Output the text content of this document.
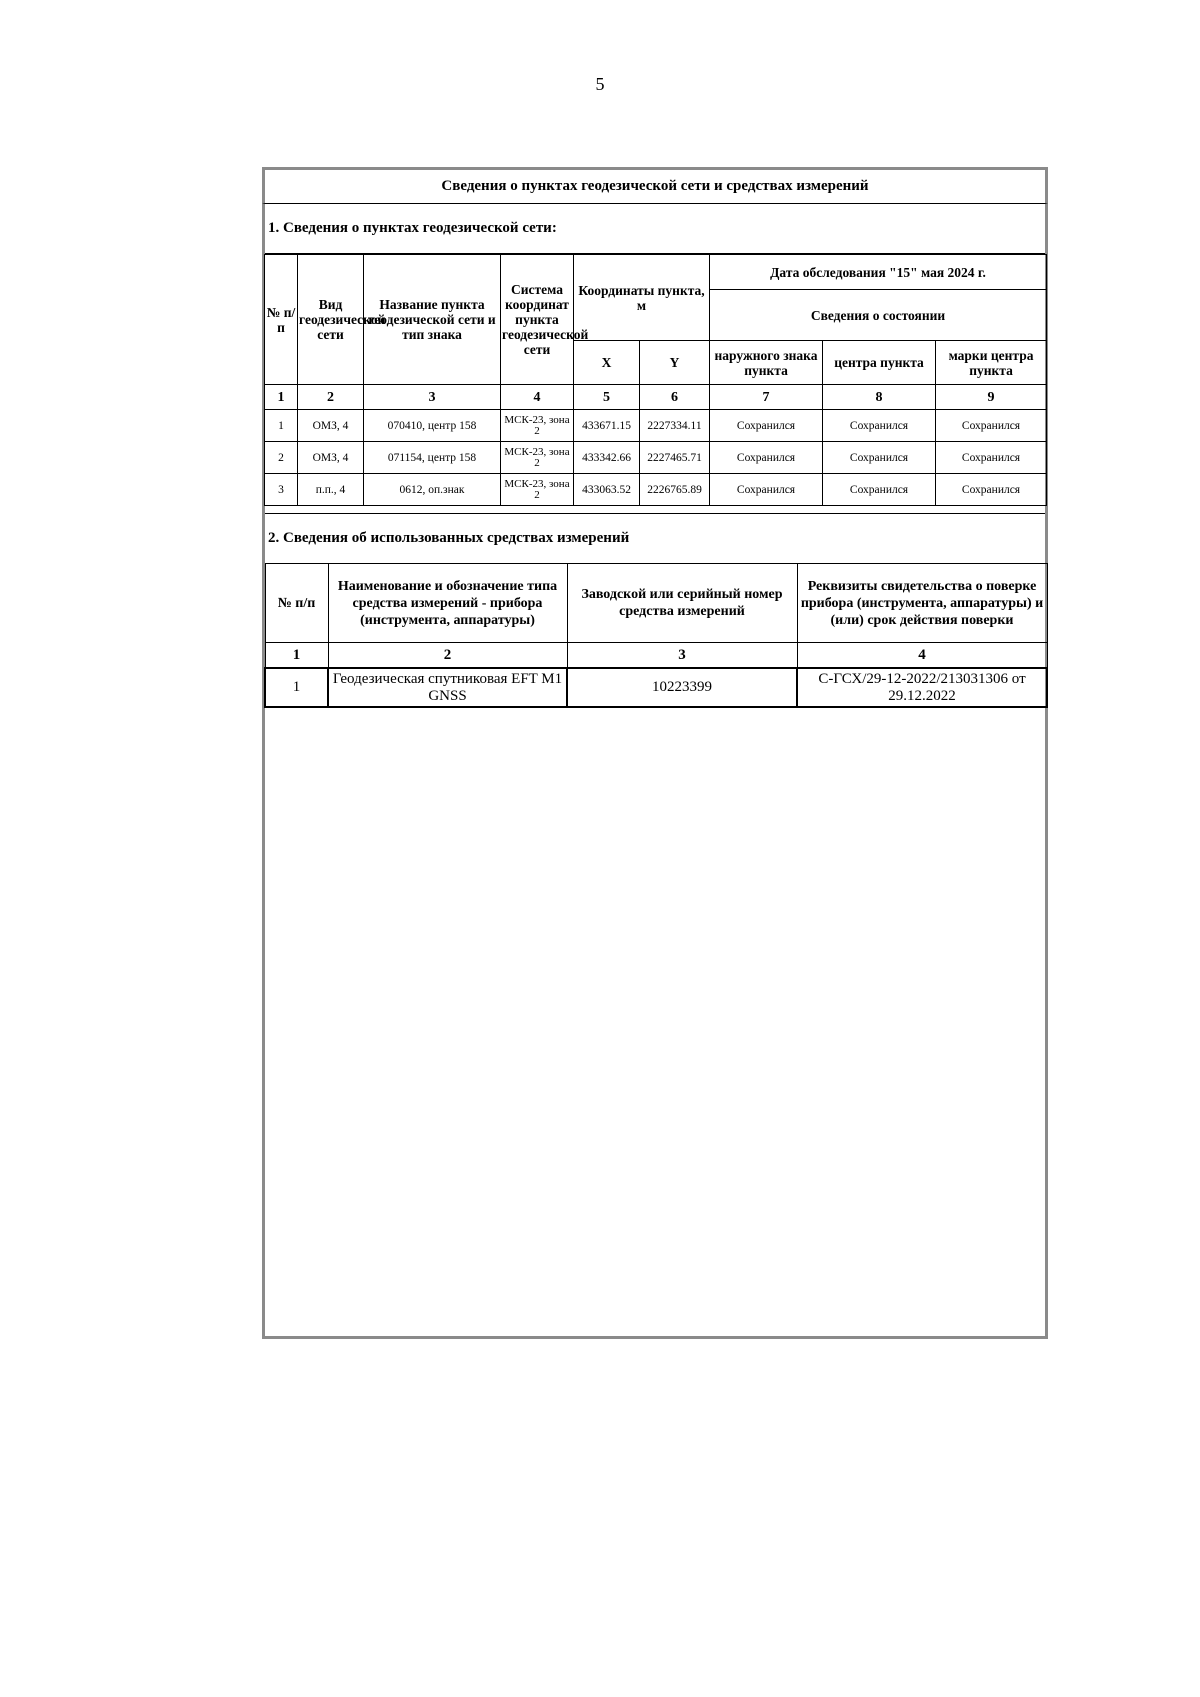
5
Сведения о пунктах геодезической сети и средствах измерений
1. Сведения о пунктах геодезической сети:
№ п/п	Вид геодезической сети	Название пункта геодезической сети и тип знака	Система координат пункта геодезической сети	Координаты пункта, м		Дата обследования "15" мая 2024 г.		
						Сведения о состоянии		
				X	Y	наружного знака пункта	центра пункта	марки центра пункта
1	2	3	4	5	6	7	8	9
1	ОМЗ, 4	070410, центр 158	МСК-23, зона 2	433671.15	2227334.11	Сохранился	Сохранился	Сохранился
2	ОМЗ, 4	071154, центр 158	МСК-23, зона 2	433342.66	2227465.71	Сохранился	Сохранился	Сохранился
3	п.п., 4	0612, оп.знак	МСК-23, зона 2	433063.52	2226765.89	Сохранился	Сохранился	Сохранился
2. Сведения об использованных средствах измерений
№ п/п	Наименование и обозначение типа средства измерений - прибора (инструмента, аппаратуры)	Заводской или серийный номер средства измерений	Реквизиты свидетельства о поверке прибора (инструмента, аппаратуры) и (или) срок действия поверки
1	2	3	4
1	Геодезическая спутниковая EFT M1 GNSS	10223399	С-ГСХ/29-12-2022/213031306 от 29.12.2022
